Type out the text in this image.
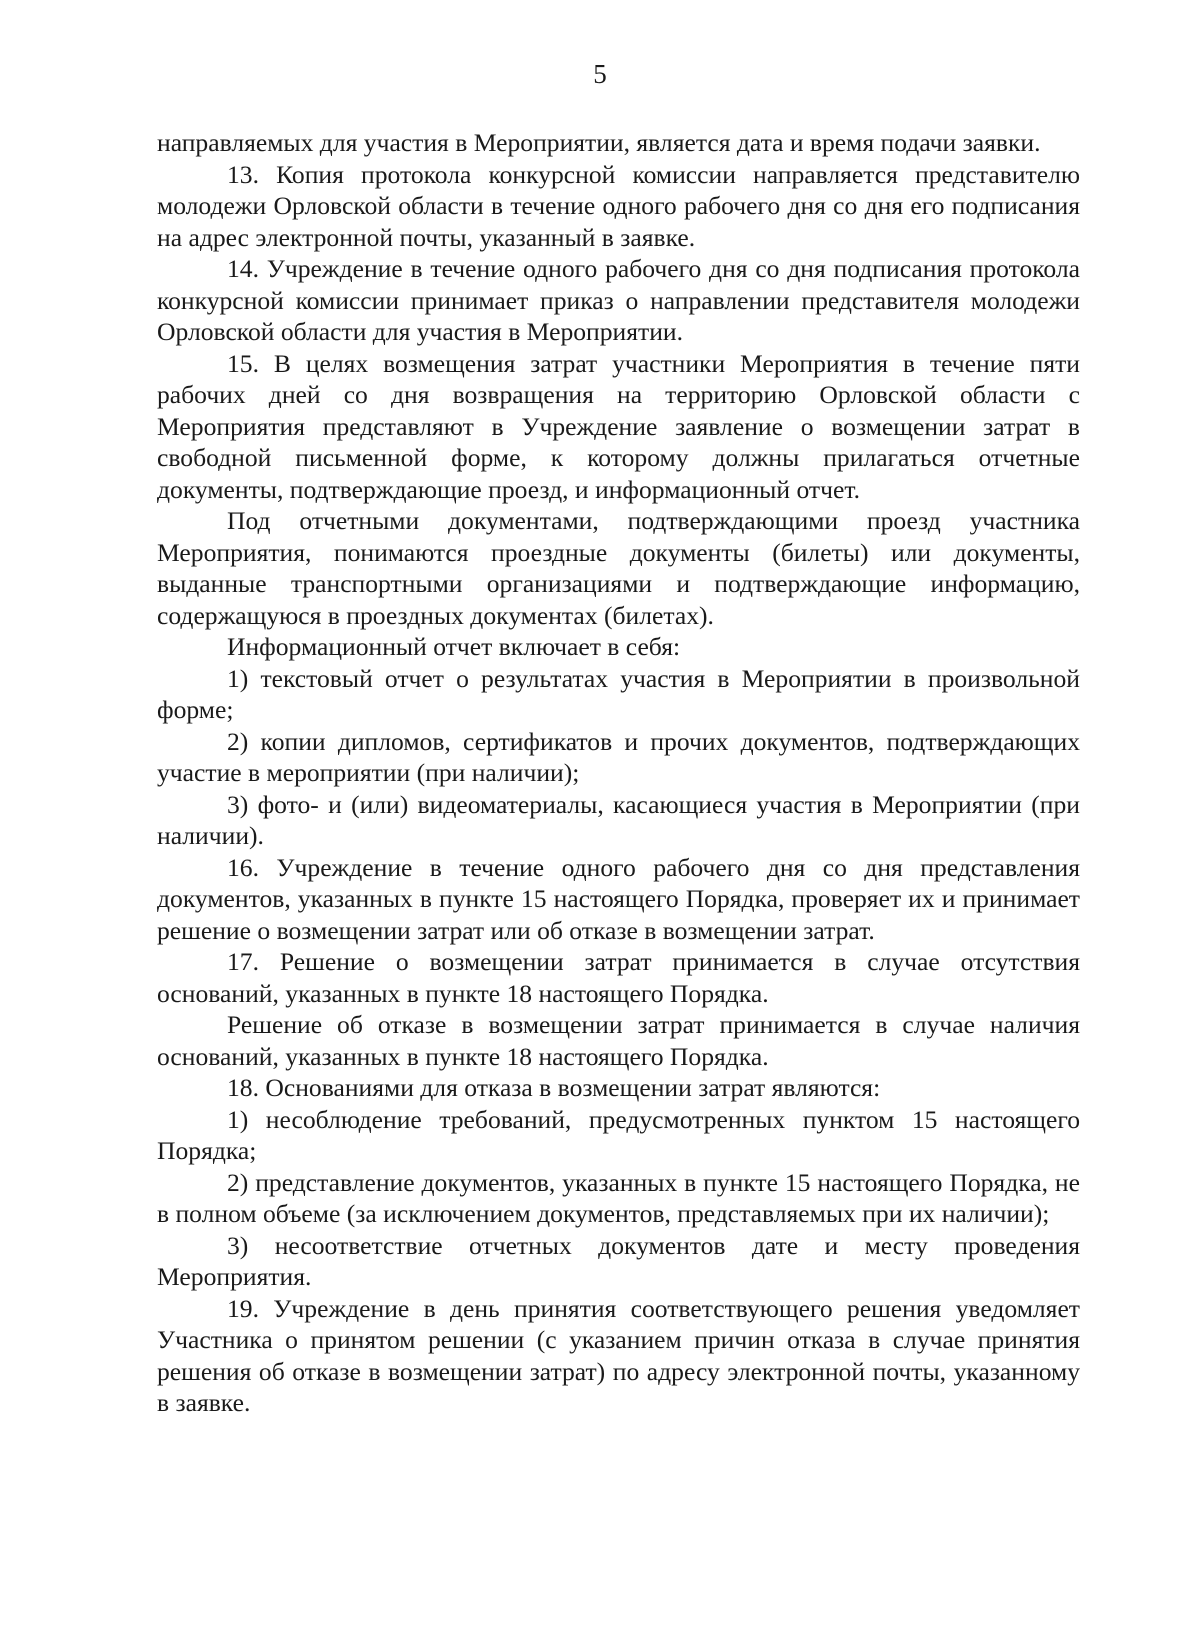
5

направляемых для участия в Мероприятии, является дата и время подачи заявки.

13. Копия протокола конкурсной комиссии направляется представителю молодежи Орловской области в течение одного рабочего дня со дня его подписания на адрес электронной почты, указанный в заявке.

14. Учреждение в течение одного рабочего дня со дня подписания протокола конкурсной комиссии принимает приказ о направлении представителя молодежи Орловской области для участия в Мероприятии.

15. В целях возмещения затрат участники Мероприятия в течение пяти рабочих дней со дня возвращения на территорию Орловской области с Мероприятия представляют в Учреждение заявление о возмещении затрат в свободной письменной форме, к которому должны прилагаться отчетные документы, подтверждающие проезд, и информационный отчет.

Под отчетными документами, подтверждающими проезд участника Мероприятия, понимаются проездные документы (билеты) или документы, выданные транспортными организациями и подтверждающие информацию, содержащуюся в проездных документах (билетах).

Информационный отчет включает в себя:

1) текстовый отчет о результатах участия в Мероприятии в произвольной форме;

2) копии дипломов, сертификатов и прочих документов, подтверждающих участие в мероприятии (при наличии);

3) фото- и (или) видеоматериалы, касающиеся участия в Мероприятии (при наличии).

16. Учреждение в течение одного рабочего дня со дня представления документов, указанных в пункте 15 настоящего Порядка, проверяет их и принимает решение о возмещении затрат или об отказе в возмещении затрат.

17. Решение о возмещении затрат принимается в случае отсутствия оснований, указанных в пункте 18 настоящего Порядка.

Решение об отказе в возмещении затрат принимается в случае наличия оснований, указанных в пункте 18 настоящего Порядка.

18. Основаниями для отказа в возмещении затрат являются:

1) несоблюдение требований, предусмотренных пунктом 15 настоящего Порядка;

2) представление документов, указанных в пункте 15 настоящего Порядка, не в полном объеме (за исключением документов, представляемых при их наличии);

3) несоответствие отчетных документов дате и месту проведения Мероприятия.

19. Учреждение в день принятия соответствующего решения уведомляет Участника о принятом решении (с указанием причин отказа в случае принятия решения об отказе в возмещении затрат) по адресу электронной почты, указанному в заявке.
